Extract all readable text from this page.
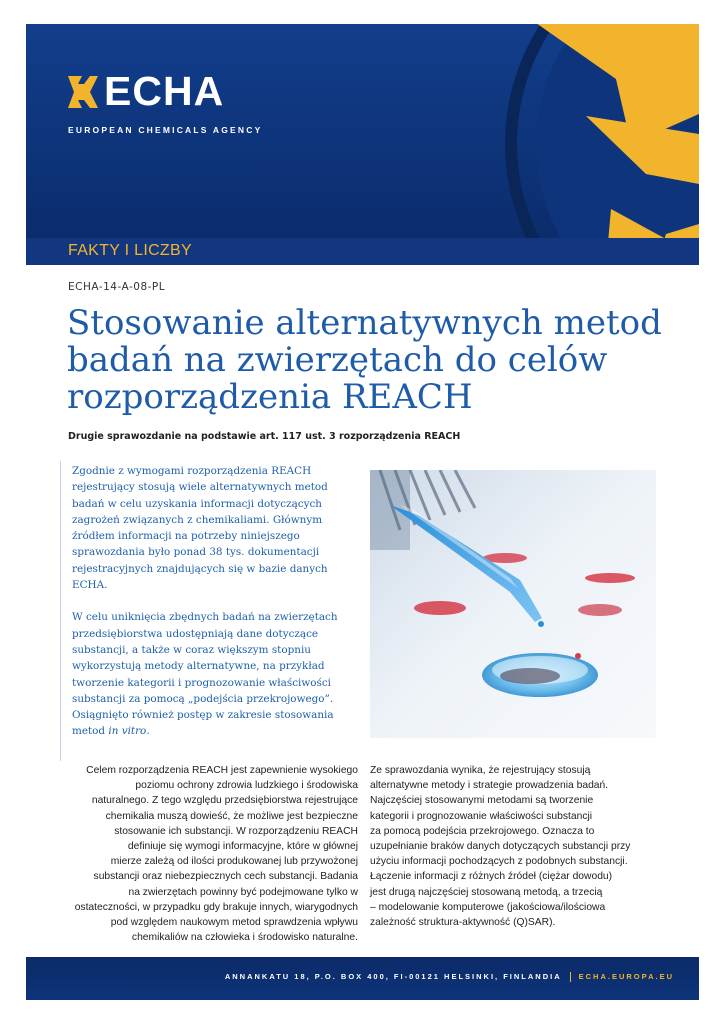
ECHA
EUROPEAN CHEMICALS AGENCY
FAKTY I LICZBY
ECHA-14-A-08-PL
Stosowanie alternatywnych metod badań na zwierzętach do celów rozporządzenia REACH
Drugie sprawozdanie na podstawie art. 117 ust. 3 rozporządzenia REACH

Zgodnie z wymogami rozporządzenia REACH rejestrujący stosują wiele alternatywnych metod badań w celu uzyskania informacji dotyczących zagrożeń związanych z chemikaliami. Głównym źródłem informacji na potrzeby niniejszego sprawozdania było ponad 38 tys. dokumentacji rejestracyjnych znajdujących się w bazie danych ECHA.

W celu uniknięcia zbędnych badań na zwierzętach przedsiębiorstwa udostępniają dane dotyczące substancji, a także w coraz większym stopniu wykorzystują metody alternatywne, na przykład tworzenie kategorii i prognozowanie właściwości substancji za pomocą „podejścia przekrojowego”. Osiągnięto również postęp w zakresie stosowania metod in vitro.

Celem rozporządzenia REACH jest zapewnienie wysokiego
poziomu ochrony zdrowia ludzkiego i środowiska
naturalnego. Z tego względu przedsiębiorstwa rejestrujące
chemikalia muszą dowieść, że możliwe jest bezpieczne
stosowanie ich substancji. W rozporządzeniu REACH
definiuje się wymogi informacyjne, które w głównej
mierze zależą od ilości produkowanej lub przywożonej
substancji oraz niebezpiecznych cech substancji. Badania
na zwierzętach powinny być podejmowane tylko w
ostateczności, w przypadku gdy brakuje innych, wiarygodnych
pod względem naukowym metod sprawdzenia wpływu
chemikaliów na człowieka i środowisko naturalne.
Ze sprawozdania wynika, że rejestrujący stosują
alternatywne metody i strategie prowadzenia badań.
Najczęściej stosowanymi metodami są tworzenie
kategorii i prognozowanie właściwości substancji
za pomocą podejścia przekrojowego. Oznacza to
uzupełnianie braków danych dotyczących substancji przy
użyciu informacji pochodzących z podobnych substancji.
Łączenie informacji z różnych źródeł (ciężar dowodu)
jest drugą najczęściej stosowaną metodą, a trzecią
– modelowanie komputerowe (jakościowa/ilościowa
zależność struktura-aktywność (Q)SAR).
ANNANKATU 18, P.O. BOX 400, FI-00121 HELSINKI, FINLANDIA ECHA.EUROPA.EU
